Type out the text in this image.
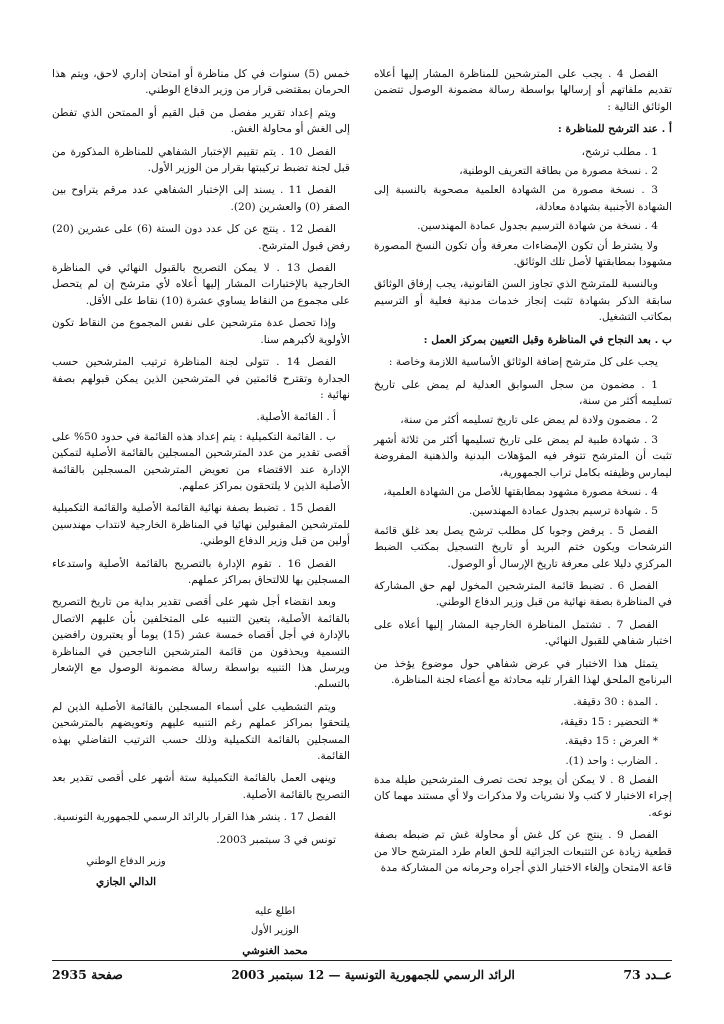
الفصل 4 . يجب على المترشحين للمناظرة المشار إليها أعلاه تقديم ملفاتهم أو إرسالها بواسطة رسالة مضمونة الوصول تتضمن الوثائق التالية :

أ . عند الترشح للمناظرة :

1 . مطلب ترشح،

2 . نسخة مصورة من بطاقة التعريف الوطنية،

3 . نسخة مصورة من الشهادة العلمية مصحوبة بالنسبة إلى الشهادة الأجنبية بشهادة معادلة،

4 . نسخة من شهادة الترسيم بجدول عمادة المهندسين.

ولا يشترط أن تكون الإمضاءات معرفة وأن تكون النسخ المصورة مشهودا بمطابقتها لأصل تلك الوثائق.

وبالنسبة للمترشح الذي تجاوز السن القانونية، يجب إرفاق الوثائق سابقة الذكر بشهادة تثبت إنجاز خدمات مدنية فعلية أو الترسيم بمكاتب التشغيل.

ب . بعد النجاح في المناظرة وقبل التعيين بمركز العمل :

يجب على كل مترشح إضافة الوثائق الأساسية اللازمة وخاصة :

1 . مضمون من سجل السوابق العدلية لم يمض على تاريخ تسليمه أكثر من سنة،

2 . مضمون ولادة لم يمض على تاريخ تسليمه أكثر من سنة،

3 . شهادة طبية لم يمض على تاريخ تسليمها أكثر من ثلاثة أشهر تثبت أن المترشح تتوفر فيه المؤهلات البدنية والذهنية المفروضة ليمارس وظيفته بكامل تراب الجمهورية،

4 . نسخة مصورة مشهود بمطابقتها للأصل من الشهادة العلمية،

5 . شهادة ترسيم بجدول عمادة المهندسين.

الفصل 5 . يرفض وجوبا كل مطلب ترشح يصل بعد غلق قائمة الترشحات ويكون ختم البريد أو تاريخ التسجيل بمكتب الضبط المركزي دليلا على معرفة تاريخ الإرسال أو الوصول.

الفصل 6 . تضبط قائمة المترشحين المخول لهم حق المشاركة في المناظرة بصفة نهائية من قبل وزير الدفاع الوطني.

الفصل 7 . تشتمل المناظرة الخارجية المشار إليها أعلاه على اختبار شفاهي للقبول النهائي.

يتمثل هذا الاختبار في عرض شفاهي حول موضوع يؤخذ من البرنامج الملحق لهذا القرار تليه محادثة مع أعضاء لجنة المناظرة.

. المدة : 30 دقيقة.

* التحضير : 15 دقيقة،

* العرض : 15 دقيقة.

. الضارب : واحد (1).

الفصل 8 . لا يمكن أن يوجد تحت تصرف المترشحين طيلة مدة إجراء الاختبار لا كتب ولا نشريات ولا مذكرات ولا أي مستند مهما كان نوعه.

الفصل 9 . ينتج عن كل غش أو محاولة غش تم ضبطه بصفة قطعية زيادة عن التتبعات الجزائية للحق العام طرد المترشح حالا من قاعة الامتحان وإلغاء الاختبار الذي أجراه وحرمانه من المشاركة مدة

خمس (5) سنوات في كل مناظرة أو امتحان إداري لاحق، ويتم هذا الحرمان بمقتضى قرار من وزير الدفاع الوطني.

ويتم إعداد تقرير مفصل من قبل القيم أو الممتحن الذي تفطن إلى الغش أو محاولة الغش.

الفصل 10 . يتم تقييم الإختبار الشفاهي للمناظرة المذكورة من قبل لجنة تضبط تركيبتها بقرار من الوزير الأول.

الفصل 11 . يسند إلى الإختبار الشفاهي عدد مرقم يتراوح بين الصفر (0) والعشرين (20).

الفصل 12 . ينتج عن كل عدد دون الستة (6) على عشرين (20) رفض قبول المترشح.

الفصل 13 . لا يمكن التصريح بالقبول النهائي في المناظرة الخارجية بالإختبارات المشار إليها أعلاه لأي مترشح إن لم يتحصل على مجموع من النقاط يساوي عشرة (10) نقاط على الأقل.

وإذا تحصل عدة مترشحين على نفس المجموع من النقاط تكون الأولوية لأكبرهم سنا.

الفصل 14 . تتولى لجنة المناظرة ترتيب المترشحين حسب الجدارة وتقترح قائمتين في المترشحين الذين يمكن قبولهم بصفة نهائية :

أ . القائمة الأصلية.

ب . القائمة التكميلية : يتم إعداد هذه القائمة في حدود 50% على أقصى تقدير من عدد المترشحين المسجلين بالقائمة الأصلية لتمكين الإدارة عند الاقتضاء من تعويض المترشحين المسجلين بالقائمة الأصلية الذين لا يلتحقون بمراكز عملهم.

الفصل 15 . تضبط بصفة نهائية القائمة الأصلية والقائمة التكميلية للمترشحين المقبولين نهائيا في المناظرة الخارجية لانتداب مهندسين أولين من قبل وزير الدفاع الوطني.

الفصل 16 . تقوم الإدارة بالتصريح بالقائمة الأصلية واستدعاء المسجلين بها للالتحاق بمراكز عملهم.

وبعد انقضاء أجل شهر على أقصى تقدير بداية من تاريخ التصريح بالقائمة الأصلية، يتعين التنبيه على المتخلفين بأن عليهم الاتصال بالإدارة في أجل أقصاه خمسة عشر (15) يوما أو يعتبرون رافضين التسمية ويحذفون من قائمة المترشحين الناجحين في المناظرة ويرسل هذا التنبيه بواسطة رسالة مضمونة الوصول مع الإشعار بالتسلم.

ويتم التشطيب على أسماء المسجلين بالقائمة الأصلية الذين لم يلتحقوا بمراكز عملهم رغم التنبيه عليهم وتعويضهم بالمترشحين المسجلين بالقائمة التكميلية وذلك حسب الترتيب التفاضلي بهذه القائمة.

وينهى العمل بالقائمة التكميلية ستة أشهر على أقصى تقدير بعد التصريح بالقائمة الأصلية.

الفصل 17 . ينشر هذا القرار بالرائد الرسمي للجمهورية التونسية.

تونس في 3 سبتمبر 2003.

وزير الدفاع الوطني

الدالي الجازي

اطلع عليه

الوزير الأول

محمد الغنوشي

عــدد 73
الرائد الرسمي للجمهورية التونسية — 12 سبتمبر 2003
صفحة 2935
